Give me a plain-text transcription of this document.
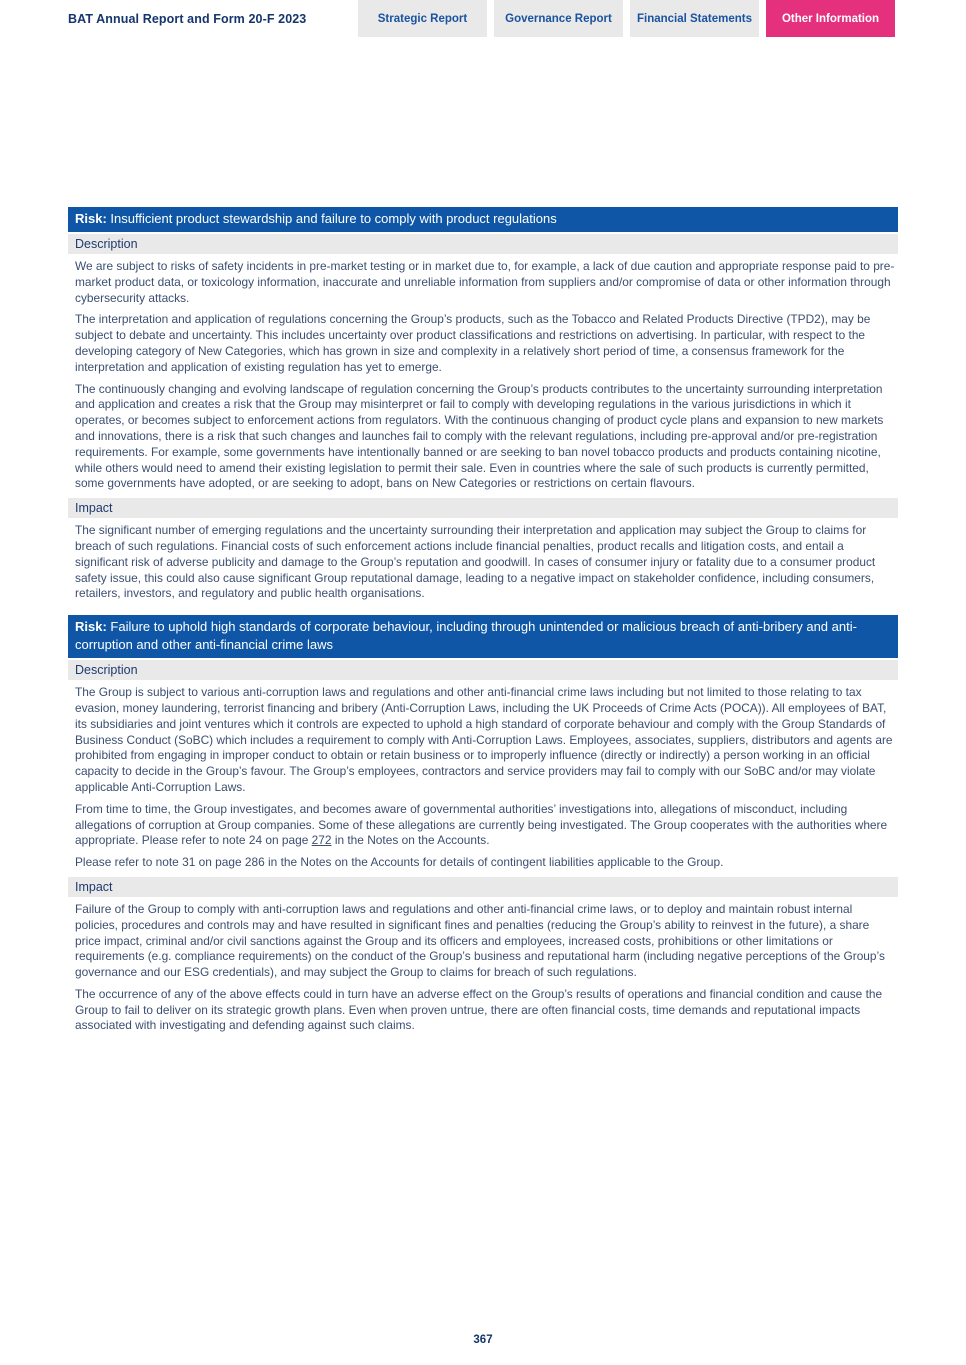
BAT Annual Report and Form 20-F 2023	Strategic Report	Governance Report Financial Statements	Other Information
Risk: Insufficient product stewardship and failure to comply with product regulations
Description

We are subject to risks of safety incidents in pre-market testing or in market due to, for example, a lack of due caution and appropriate response paid to pre-market product data, or toxicology information, inaccurate and unreliable information from suppliers and/or compromise of data or other information through cybersecurity attacks.

The interpretation and application of regulations concerning the Group’s products, such as the Tobacco and Related Products Directive (TPD2), may be subject to debate and uncertainty. This includes uncertainty over product classifications and restrictions on advertising. In particular, with respect to the developing category of New Categories, which has grown in size and complexity in a relatively short period of time, a consensus framework for the interpretation and application of existing regulation has yet to emerge.

The continuously changing and evolving landscape of regulation concerning the Group’s products contributes to the uncertainty surrounding interpretation and application and creates a risk that the Group may misinterpret or fail to comply with developing regulations in the various jurisdictions in which it operates, or becomes subject to enforcement actions from regulators. With the continuous changing of product cycle plans and expansion to new markets and innovations, there is a risk that such changes and launches fail to comply with the relevant regulations, including pre-approval and/or pre-registration requirements. For example, some governments have intentionally banned or are seeking to ban novel tobacco products and products containing nicotine, while others would need to amend their existing legislation to permit their sale. Even in countries where the sale of such products is currently permitted, some governments have adopted, or are seeking to adopt, bans on New Categories or restrictions on certain flavours.

Impact

The significant number of emerging regulations and the uncertainty surrounding their interpretation and application may subject the Group to claims for breach of such regulations. Financial costs of such enforcement actions include financial penalties, product recalls and litigation costs, and entail a significant risk of adverse publicity and damage to the Group’s reputation and goodwill. In cases of consumer injury or fatality due to a consumer product safety issue, this could also cause significant Group reputational damage, leading to a negative impact on stakeholder confidence, including consumers, retailers, investors, and regulatory and public health organisations.

Risk: Failure to uphold high standards of corporate behaviour, including through unintended or malicious breach of anti-bribery and anti-corruption and other anti-financial crime laws
Description

The Group is subject to various anti-corruption laws and regulations and other anti-financial crime laws including but not limited to those relating to tax evasion, money laundering, terrorist financing and bribery (Anti-Corruption Laws, including the UK Proceeds of Crime Acts (POCA)). All employees of BAT, its subsidiaries and joint ventures which it controls are expected to uphold a high standard of corporate behaviour and comply with the Group Standards of Business Conduct (SoBC) which includes a requirement to comply with Anti-Corruption Laws. Employees, associates, suppliers, distributors and agents are prohibited from engaging in improper conduct to obtain or retain business or to improperly influence (directly or indirectly) a person working in an official capacity to decide in the Group’s favour. The Group’s employees, contractors and service providers may fail to comply with our SoBC and/or may violate applicable Anti-Corruption Laws.

From time to time, the Group investigates, and becomes aware of governmental authorities’ investigations into, allegations of misconduct, including allegations of corruption at Group companies. Some of these allegations are currently being investigated. The Group cooperates with the authorities where appropriate. Please refer to note 24 on page 272 in the Notes on the Accounts.

Please refer to note 31 on page 286 in the Notes on the Accounts for details of contingent liabilities applicable to the Group.

Impact

Failure of the Group to comply with anti-corruption laws and regulations and other anti-financial crime laws, or to deploy and maintain robust internal policies, procedures and controls may and have resulted in significant fines and penalties (reducing the Group’s ability to reinvest in the future), a share price impact, criminal and/or civil sanctions against the Group and its officers and employees, increased costs, prohibitions or other limitations or requirements (e.g. compliance requirements) on the conduct of the Group’s business and reputational harm (including negative perceptions of the Group’s governance and our ESG credentials), and may subject the Group to claims for breach of such regulations.

The occurrence of any of the above effects could in turn have an adverse effect on the Group’s results of operations and financial condition and cause the Group to fail to deliver on its strategic growth plans. Even when proven untrue, there are often financial costs, time demands and reputational impacts associated with investigating and defending against such claims.

367
